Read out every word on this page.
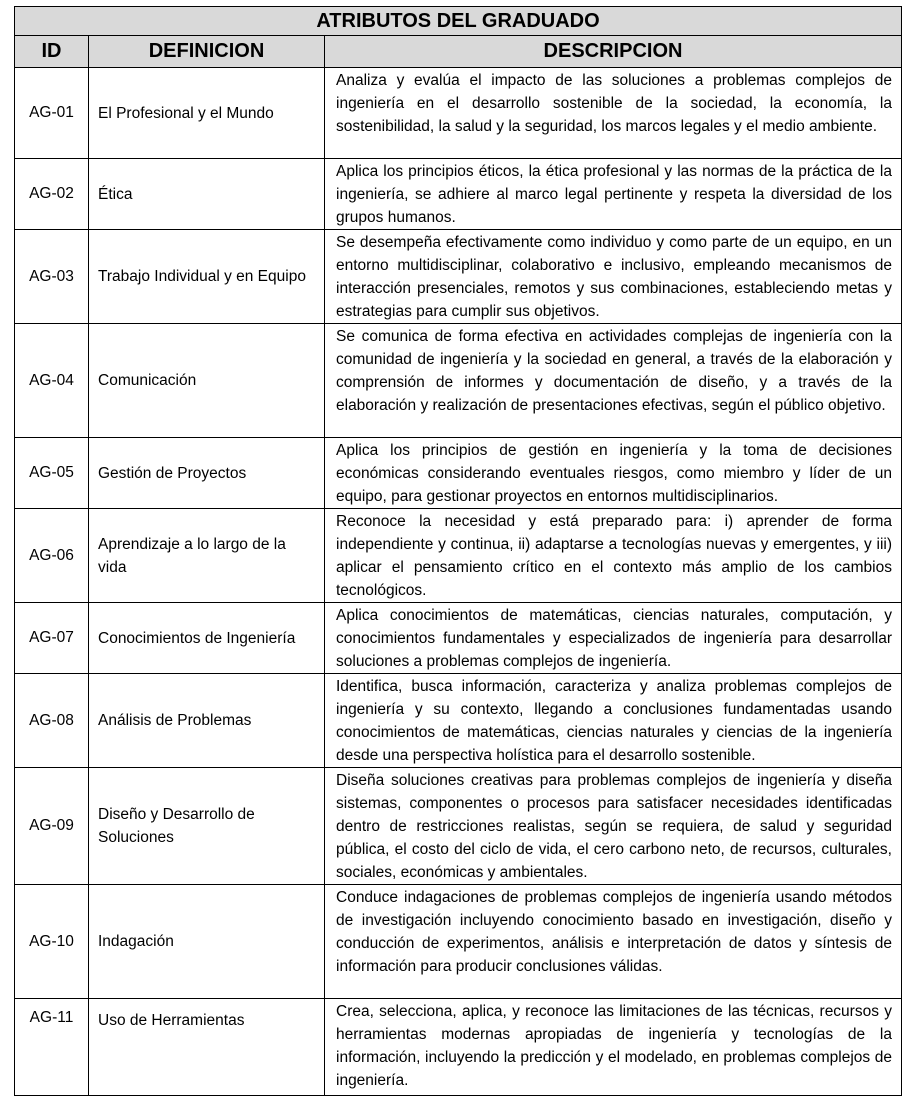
ATRIBUTOS DEL GRADUADO		
ID	DEFINICION	DESCRIPCION
AG-01	El Profesional y el Mundo	Analiza y evalúa el impacto de las soluciones a problemas complejos de ingeniería en el desarrollo sostenible de la sociedad, la economía, la sostenibilidad, la salud y la seguridad, los marcos legales y el medio ambiente.
AG-02	Ética	Aplica los principios éticos, la ética profesional y las normas de la práctica de la ingeniería, se adhiere al marco legal pertinente y respeta la diversidad de los grupos humanos.
AG-03	Trabajo Individual y en Equipo	Se desempeña efectivamente como individuo y como parte de un equipo, en un entorno multidisciplinar, colaborativo e inclusivo, empleando mecanismos de interacción presenciales, remotos y sus combinaciones, estableciendo metas y estrategias para cumplir sus objetivos.
AG-04	Comunicación	Se comunica de forma efectiva en actividades complejas de ingeniería con la comunidad de ingeniería y la sociedad en general, a través de la elaboración y comprensión de informes y documentación de diseño, y a través de la elaboración y realización de presentaciones efectivas, según el público objetivo.
AG-05	Gestión de Proyectos	Aplica los principios de gestión en ingeniería y la toma de decisiones económicas considerando eventuales riesgos, como miembro y líder de un equipo, para gestionar proyectos en entornos multidisciplinarios.
AG-06	Aprendizaje a lo largo de la vida	Reconoce la necesidad y está preparado para: i) aprender de forma independiente y continua, ii) adaptarse a tecnologías nuevas y emergentes, y iii) aplicar el pensamiento crítico en el contexto más amplio de los cambios tecnológicos.
AG-07	Conocimientos de Ingeniería	Aplica conocimientos de matemáticas, ciencias naturales, computación, y conocimientos fundamentales y especializados de ingeniería para desarrollar soluciones a problemas complejos de ingeniería.
AG-08	Análisis de Problemas	Identifica, busca información, caracteriza y analiza problemas complejos de ingeniería y su contexto, llegando a conclusiones fundamentadas usando conocimientos de matemáticas, ciencias naturales y ciencias de la ingeniería desde una perspectiva holística para el desarrollo sostenible.
AG-09	Diseño y Desarrollo de Soluciones	Diseña soluciones creativas para problemas complejos de ingeniería y diseña sistemas, componentes o procesos para satisfacer necesidades identificadas dentro de restricciones realistas, según se requiera, de salud y seguridad pública, el costo del ciclo de vida, el cero carbono neto, de recursos, culturales, sociales, económicas y ambientales.
AG-10	Indagación	Conduce indagaciones de problemas complejos de ingeniería usando métodos de investigación incluyendo conocimiento basado en investigación, diseño y conducción de experimentos, análisis e interpretación de datos y síntesis de información para producir conclusiones válidas.
AG-11	Uso de Herramientas	Crea, selecciona, aplica, y reconoce las limitaciones de las técnicas, recursos y herramientas modernas apropiadas de ingeniería y tecnologías de la información, incluyendo la predicción y el modelado, en problemas complejos de ingeniería.
